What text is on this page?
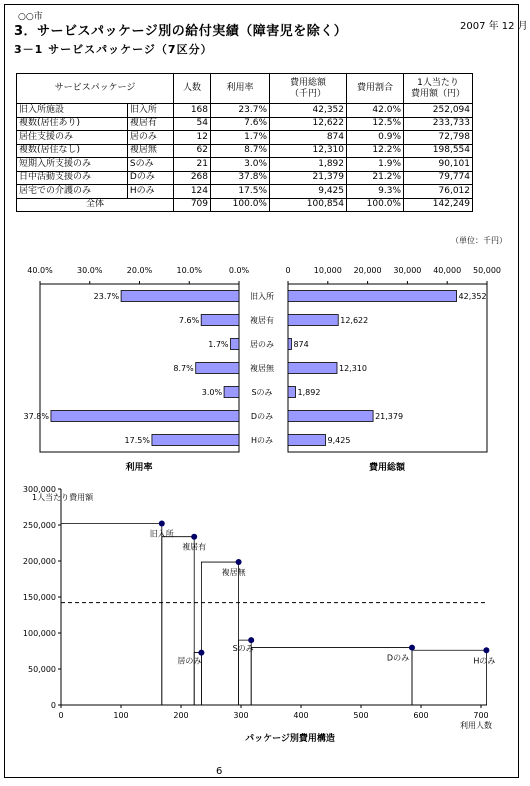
○○市
3．サービスパッケージ別の給付実績（障害児を除く）	2007 年 12 月
3－1 サービスパッケージ（7区分）
サービスパッケージ		人数	利用率	費用総額
（千円）	費用割合	1人当たり
費用額（円）
旧入所施設	旧入所	168	23.7%	42,352	42.0%	252,094
複数(居住あり)	複居有	54	7.6%	12,622	12.5%	233,733
居住支援のみ	居のみ	12	1.7%	874	0.9%	72,798
複数(居住なし)	複居無	62	8.7%	12,310	12.2%	198,554
短期入所支援のみ	Sのみ	21	3.0%	1,892	1.9%	90,101
日中活動支援のみ	Dのみ	268	37.8%	21,379	21.2%	79,774
居宅での介護のみ	Hのみ	124	17.5%	9,425	9.3%	76,012
全体		709	100.0%	100,854	100.0%	142,249
（単位：千円）
40.0%	30.0%	20.0%	10.0%	0.0%
23.7%
7.6%
1.7%
8.7%
3.0%
37.8%
17.5%
利用率
旧入所
複居有
居のみ
複居無
Sのみ
Dのみ
Hのみ
0	10,000 20,000 30,000 40,000 50,000
42,352
12,622
874
12,310
1,892
21,379
9,425
費用総額
0
50,000
100,000
150,000
200,000
250,000
300,000
0	100	200	300	400	500	600	700
1人当たり費用額
利用人数
パッケージ別費用構造
旧入所
複居有
居のみ
複居無
Sのみ
Dのみ	Hのみ
6
